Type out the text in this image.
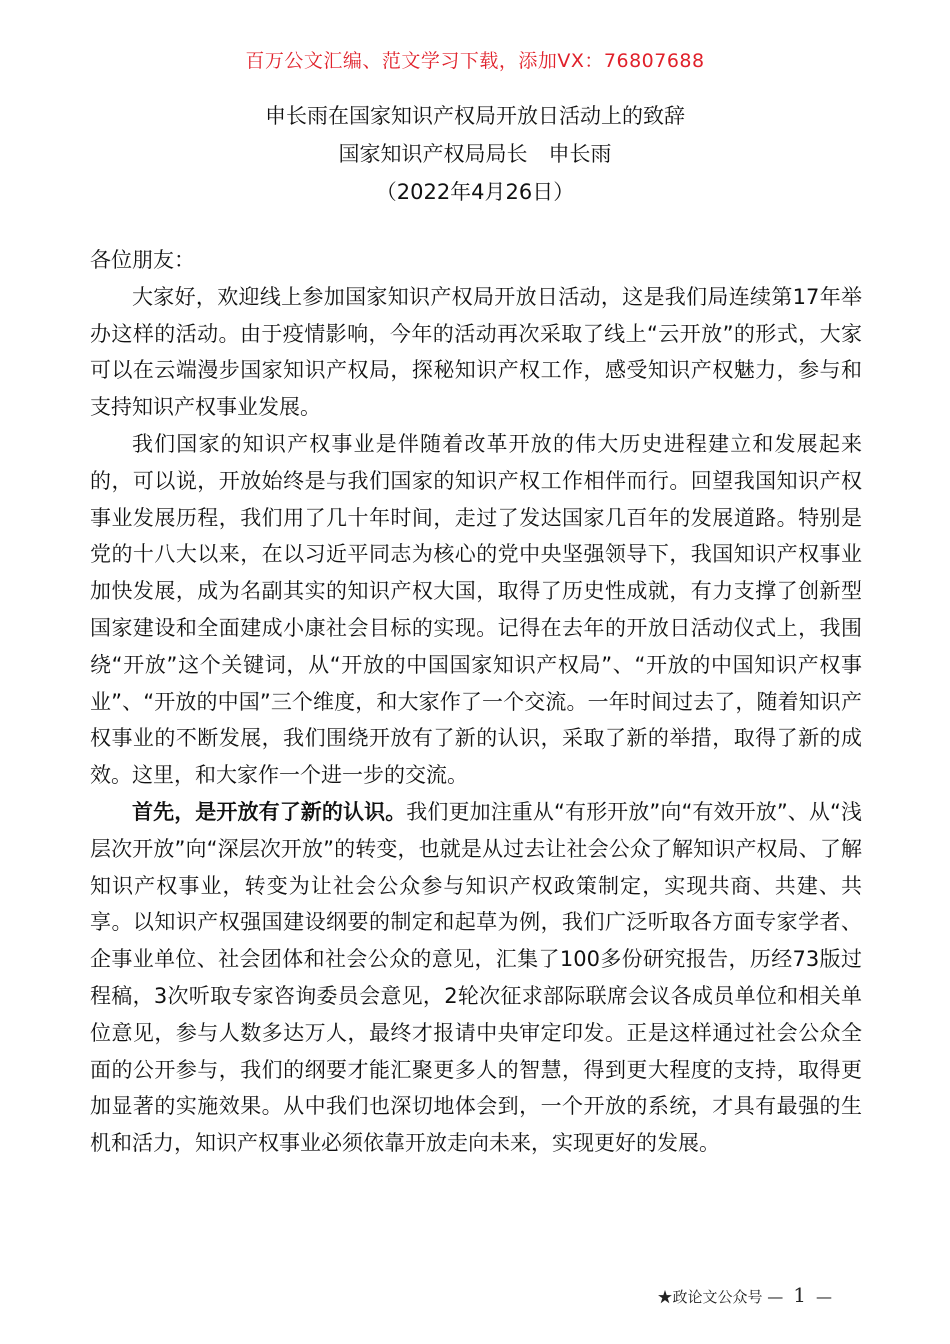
百万公文汇编、范文学习下载，添加VX：76807688
申长雨在国家知识产权局开放日活动上的致辞
国家知识产权局局长　申长雨
（2022年4月26日）

各位朋友：

大家好，欢迎线上参加国家知识产权局开放日活动，这是我们局连续第17年举办这样的活动。由于疫情影响，今年的活动再次采取了线上“云开放”的形式，大家可以在云端漫步国家知识产权局，探秘知识产权工作，感受知识产权魅力，参与和支持知识产权事业发展。

我们国家的知识产权事业是伴随着改革开放的伟大历史进程建立和发展起来的，可以说，开放始终是与我们国家的知识产权工作相伴而行。回望我国知识产权事业发展历程，我们用了几十年时间，走过了发达国家几百年的发展道路。特别是党的十八大以来，在以习近平同志为核心的党中央坚强领导下，我国知识产权事业加快发展，成为名副其实的知识产权大国，取得了历史性成就，有力支撑了创新型国家建设和全面建成小康社会目标的实现。记得在去年的开放日活动仪式上，我围绕“开放”这个关键词，从“开放的中国国家知识产权局”、“开放的中国知识产权事业”、“开放的中国”三个维度，和大家作了一个交流。一年时间过去了，随着知识产权事业的不断发展，我们围绕开放有了新的认识，采取了新的举措，取得了新的成效。这里，和大家作一个进一步的交流。

首先，是开放有了新的认识。我们更加注重从“有形开放”向“有效开放”、从“浅层次开放”向“深层次开放”的转变，也就是从过去让社会公众了解知识产权局、了解知识产权事业，转变为让社会公众参与知识产权政策制定，实现共商、共建、共享。以知识产权强国建设纲要的制定和起草为例，我们广泛听取各方面专家学者、企事业单位、社会团体和社会公众的意见，汇集了100多份研究报告，历经73版过程稿，3次听取专家咨询委员会意见，2轮次征求部际联席会议各成员单位和相关单位意见，参与人数多达万人，最终才报请中央审定印发。正是这样通过社会公众全面的公开参与，我们的纲要才能汇聚更多人的智慧，得到更大程度的支持，取得更加显著的实施效果。从中我们也深切地体会到，一个开放的系统，才具有最强的生机和活力，知识产权事业必须依靠开放走向未来，实现更好的发展。

★政论文公众号 — 1 —
